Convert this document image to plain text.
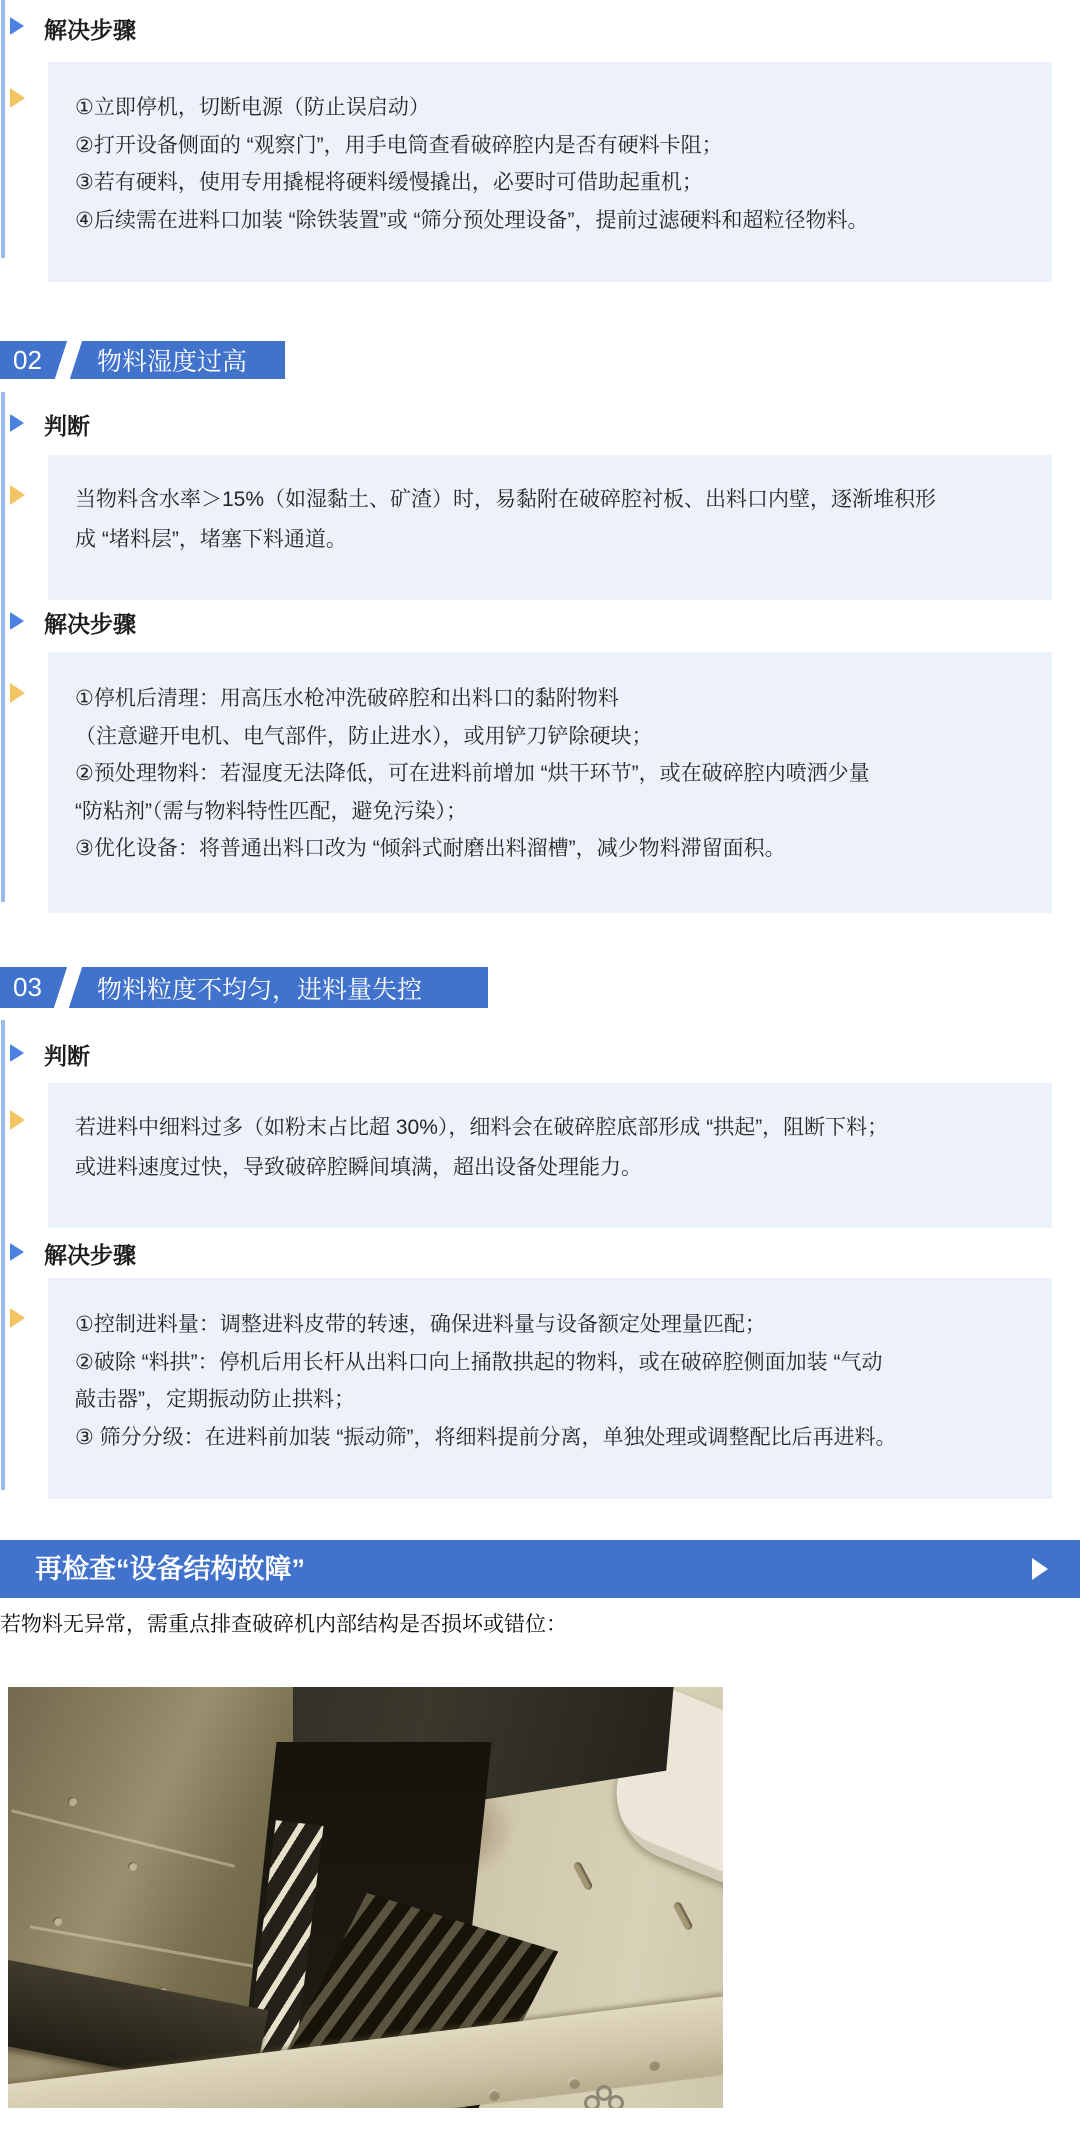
解决步骤
①立即停机，切断电源（防止误启动）
②打开设备侧面的 “观察门”，用手电筒查看破碎腔内是否有硬料卡阻；
③若有硬料，使用专用撬棍将硬料缓慢撬出，必要时可借助起重机；
④后续需在进料口加装 “除铁装置”或 “筛分预处理设备”，提前过滤硬料和超粒径物料。
02	物料湿度过高
判断
当物料含水率＞15%（如湿黏土、矿渣）时，易黏附在破碎腔衬板、出料口内壁，逐渐堆积形
成 “堵料层”，堵塞下料通道。
解决步骤
①停机后清理：用高压水枪冲洗破碎腔和出料口的黏附物料
（注意避开电机、电气部件，防止进水），或用铲刀铲除硬块；
②预处理物料：若湿度无法降低，可在进料前增加 “烘干环节”，或在破碎腔内喷洒少量
“防粘剂”（需与物料特性匹配，避免污染）；
③优化设备：将普通出料口改为 “倾斜式耐磨出料溜槽”，减少物料滞留面积。
03	物料粒度不均匀，进料量失控
判断
若进料中细料过多（如粉末占比超 30%），细料会在破碎腔底部形成 “拱起”，阻断下料；
或进料速度过快，导致破碎腔瞬间填满，超出设备处理能力。
解决步骤
①控制进料量：调整进料皮带的转速，确保进料量与设备额定处理量匹配；
②破除 “料拱”：停机后用长杆从出料口向上捅散拱起的物料，或在破碎腔侧面加装 “气动
敲击器”，定期振动防止拱料；
③ 筛分分级：在进料前加装 “振动筛”，将细料提前分离，单独处理或调整配比后再进料。
再检查“设备结构故障”
若物料无异常，需重点排查破碎机内部结构是否损坏或错位：
